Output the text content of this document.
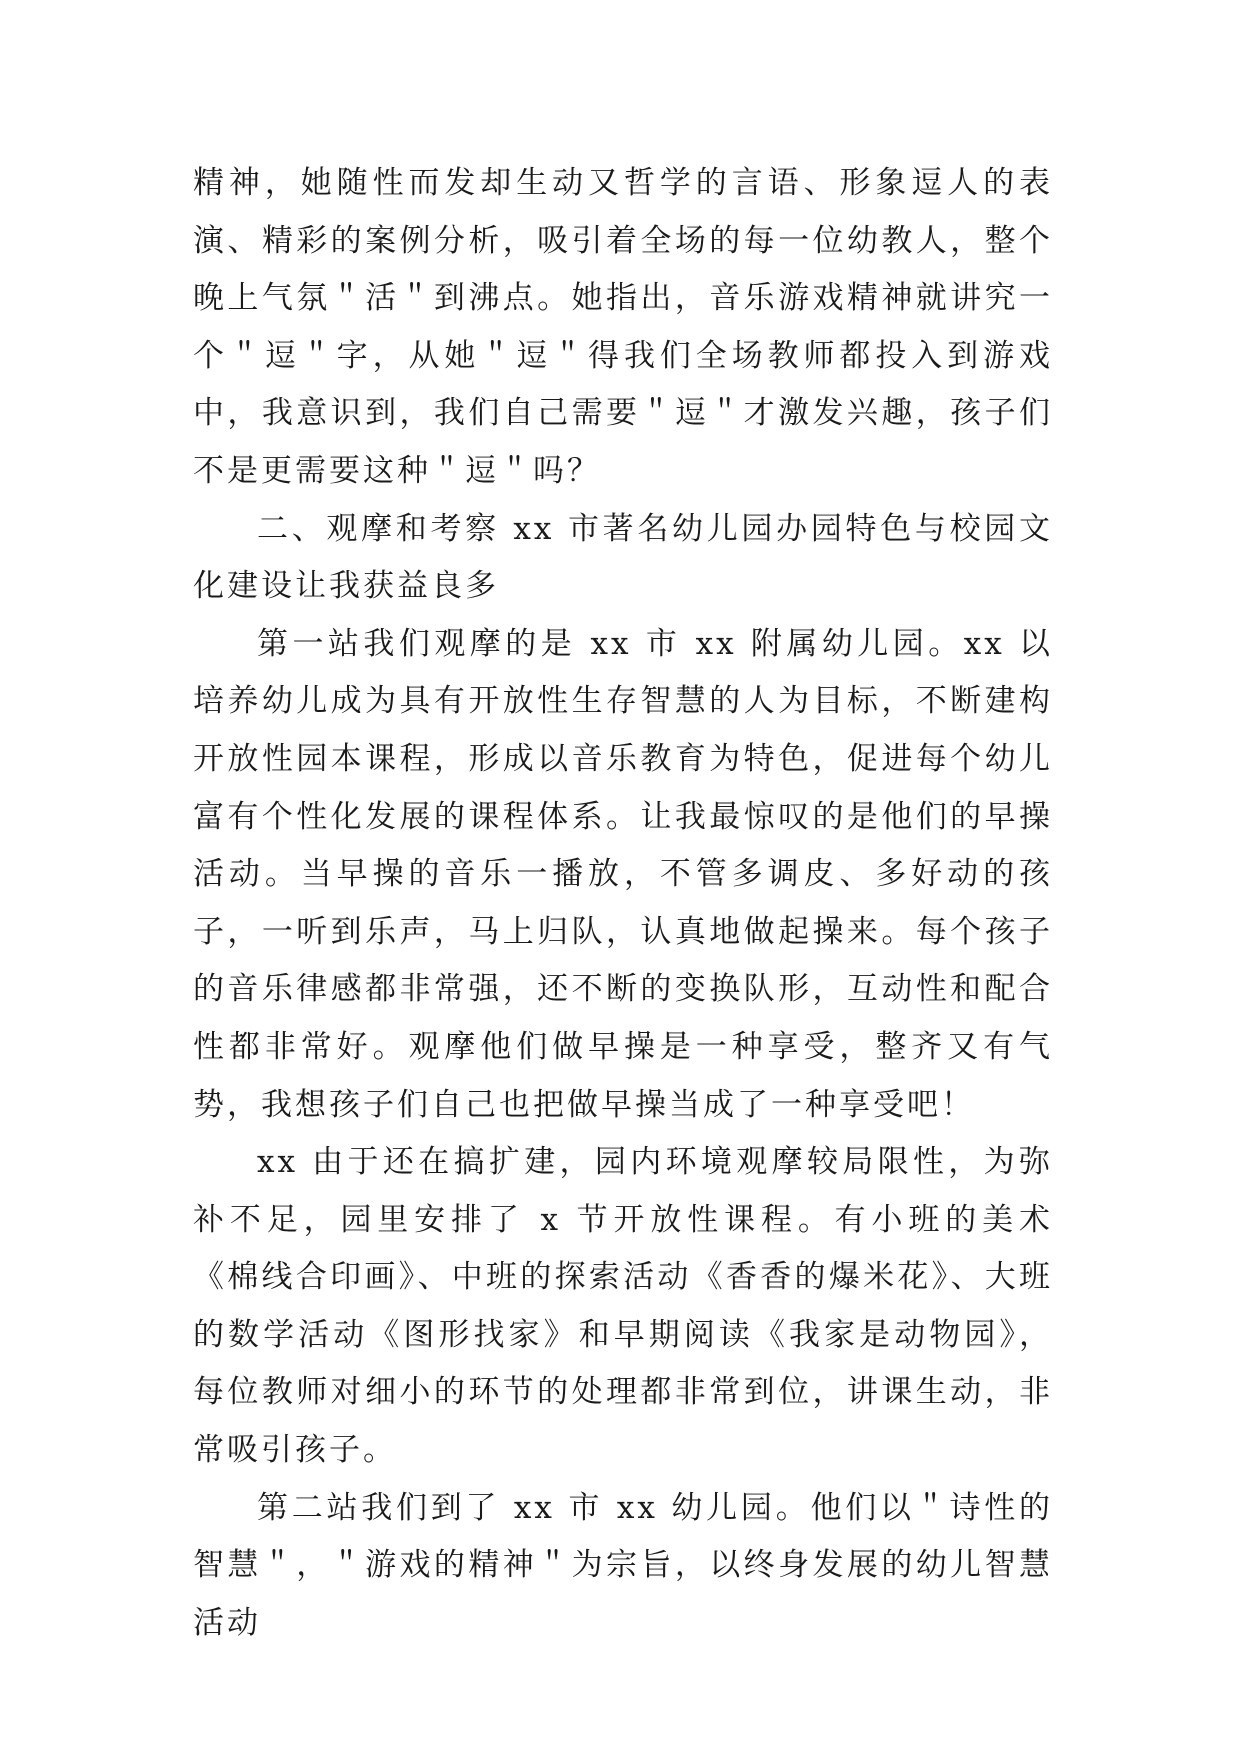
精神，她随性而发却生动又哲学的言语、形象逗人的表演、精彩的案例分析，吸引着全场的每一位幼教人，整个晚上气氛＂活＂到沸点。她指出，音乐游戏精神就讲究一个＂逗＂字，从她＂逗＂得我们全场教师都投入到游戏中，我意识到，我们自己需要＂逗＂才激发兴趣，孩子们不是更需要这种＂逗＂吗？

二、观摩和考察 xx 市著名幼儿园办园特色与校园文化建设让我获益良多

第一站我们观摩的是 xx 市 xx 附属幼儿园。xx 以培养幼儿成为具有开放性生存智慧的人为目标，不断建构开放性园本课程，形成以音乐教育为特色，促进每个幼儿富有个性化发展的课程体系。让我最惊叹的是他们的早操活动。当早操的音乐一播放，不管多调皮、多好动的孩子，一听到乐声，马上归队，认真地做起操来。每个孩子的音乐律感都非常强，还不断的变换队形，互动性和配合性都非常好。观摩他们做早操是一种享受，整齐又有气势，我想孩子们自己也把做早操当成了一种享受吧！

xx 由于还在搞扩建，园内环境观摩较局限性，为弥补不足，园里安排了 x 节开放性课程。有小班的美术《棉线合印画》、中班的探索活动《香香的爆米花》、大班的数学活动《图形找家》和早期阅读《我家是动物园》，每位教师对细小的环节的处理都非常到位，讲课生动，非常吸引孩子。

第二站我们到了 xx 市 xx 幼儿园。他们以＂诗性的智慧＂，＂游戏的精神＂为宗旨，以终身发展的幼儿智慧活动
